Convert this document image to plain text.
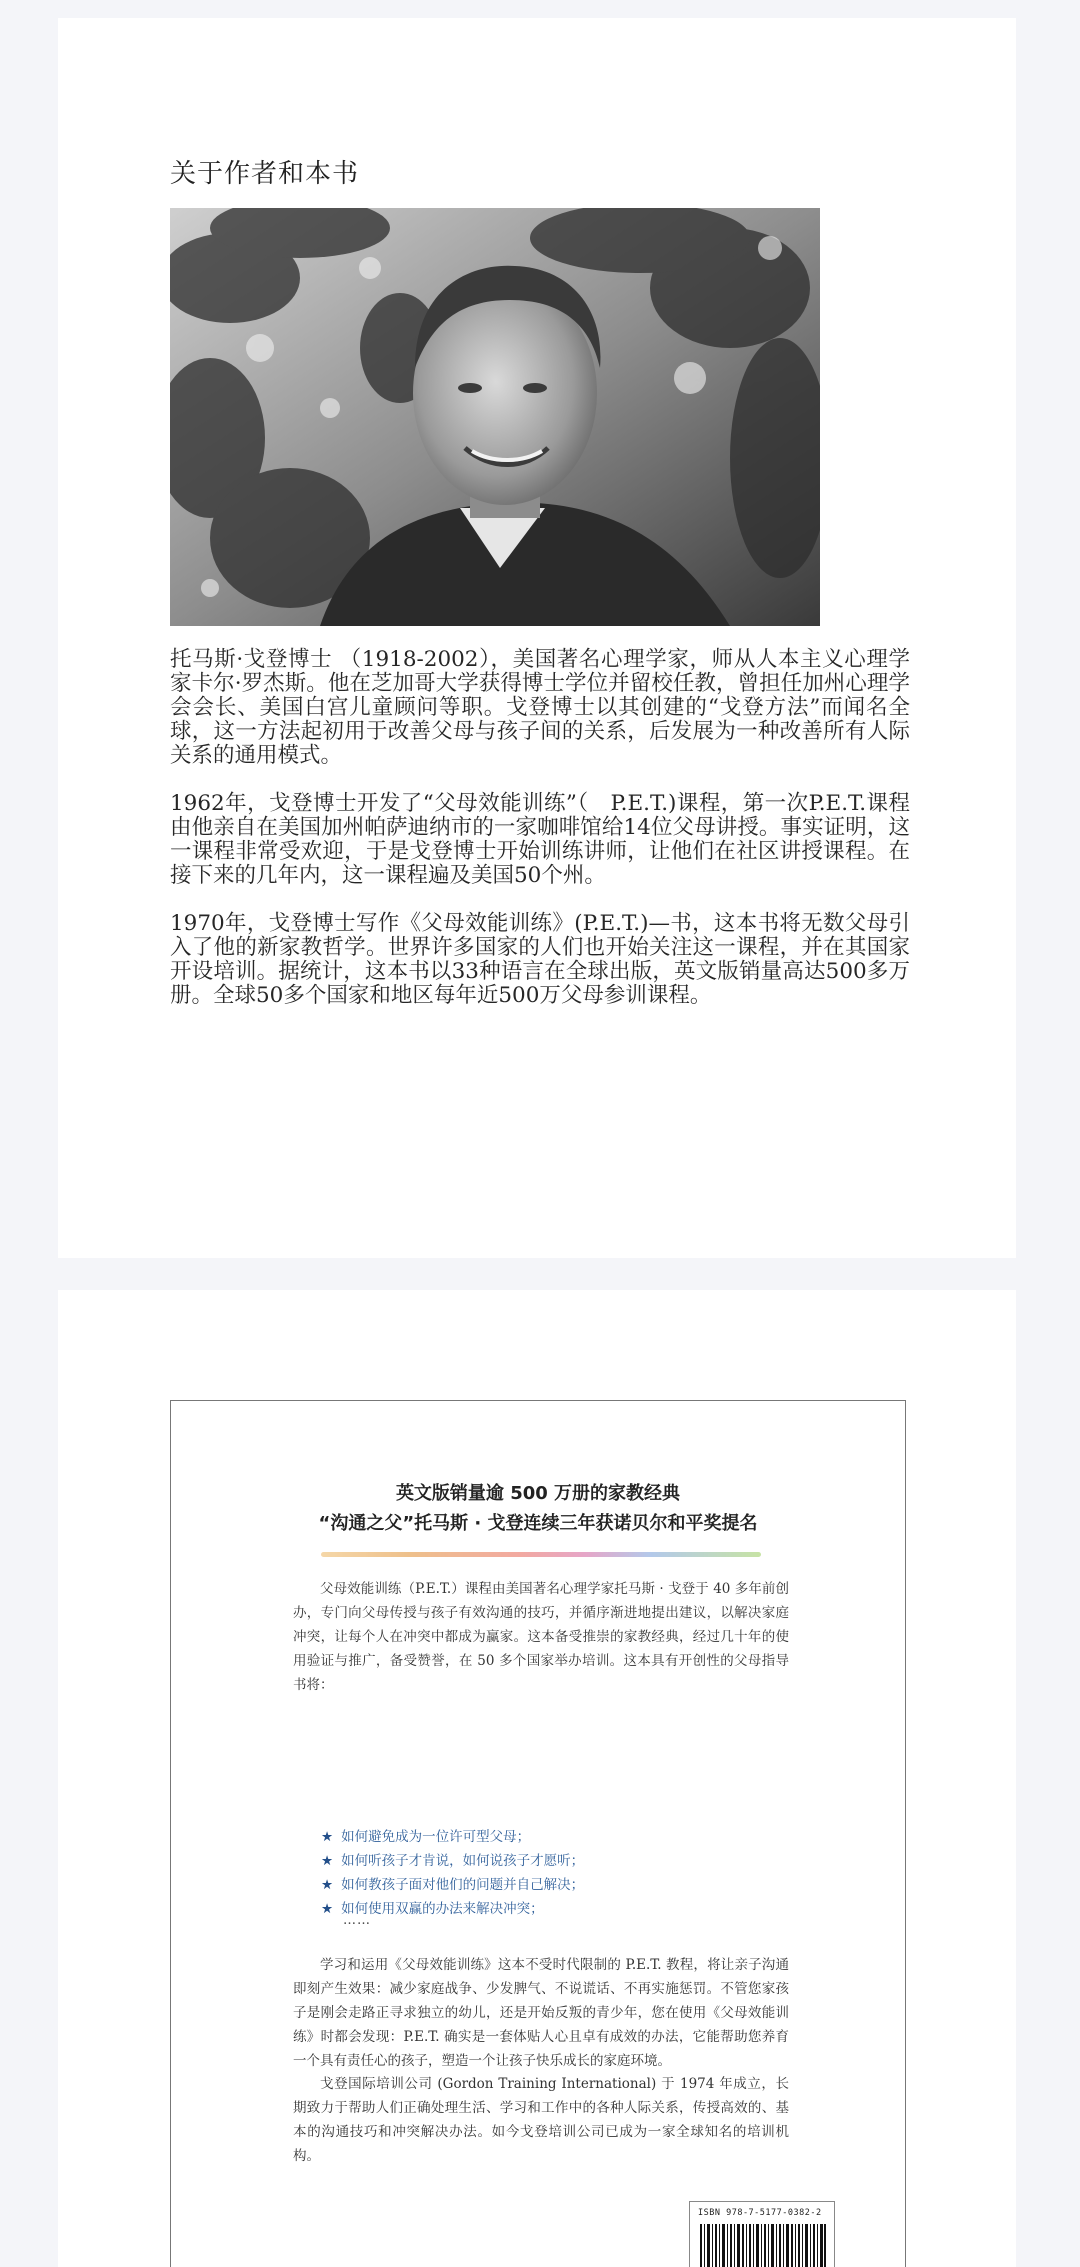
关于作者和本书

托马斯·戈登博士 （1918-2002），美国著名心理学家，师从人本主义心理学家卡尔·罗杰斯。他在芝加哥大学获得博士学位并留校任教，曾担任加州心理学会会长、美国白宫儿童顾问等职。戈登博士以其创建的“戈登方法”而闻名全球，这一方法起初用于改善父母与孩子间的关系，后发展为一种改善所有人际关系的通用模式。

1962年，戈登博士开发了“父母效能训练”（　P.E.T.)课程，第一次P.E.T.课程由他亲自在美国加州帕萨迪纳市的一家咖啡馆给14位父母讲授。事实证明，这一课程非常受欢迎，于是戈登博士开始训练讲师，让他们在社区讲授课程。在接下来的几年内，这一课程遍及美国50个州。

1970年，戈登博士写作《父母效能训练》(P.E.T.)—书，这本书将无数父母引入了他的新家教哲学。世界许多国家的人们也开始关注这一课程，并在其国家开设培训。据统计，这本书以33种语言在全球出版，英文版销量高达500多万册。全球50多个国家和地区每年近500万父母参训课程。

英文版销量逾 500 万册的家教经典
“沟通之父”托马斯 · 戈登连续三年获诺贝尔和平奖提名
父母效能训练（P.E.T.）课程由美国著名心理学家托马斯 · 戈登于 40 多年前创办，专门向父母传授与孩子有效沟通的技巧，并循序渐进地提出建议，以解决家庭冲突，让每个人在冲突中都成为赢家。这本备受推崇的家教经典，经过几十年的使用验证与推广，备受赞誉，在 50 多个国家举办培训。这本具有开创性的父母指导书将：
★ 如何避免成为一位许可型父母；
★ 如何听孩子才肯说，如何说孩子才愿听；
★ 如何教孩子面对他们的问题并自己解决；
★ 如何使用双赢的办法来解决冲突；
……
学习和运用《父母效能训练》这本不受时代限制的 P.E.T. 教程，将让亲子沟通即刻产生效果：减少家庭战争、少发脾气、不说谎话、不再实施惩罚。不管您家孩子是刚会走路正寻求独立的幼儿，还是开始反叛的青少年，您在使用《父母效能训练》时都会发现：P.E.T. 确实是一套体贴人心且卓有成效的办法，它能帮助您养育一个具有责任心的孩子，塑造一个让孩子快乐成长的家庭环境。
戈登国际培训公司 (Gordon Training International) 于 1974 年成立，长期致力于帮助人们正确处理生活、学习和工作中的各种人际关系，传授高效的、基本的沟通技巧和冲突解决办法。如今戈登培训公司已成为一家全球知名的培训机构。
ISBN 978-7-5177-0382-2
